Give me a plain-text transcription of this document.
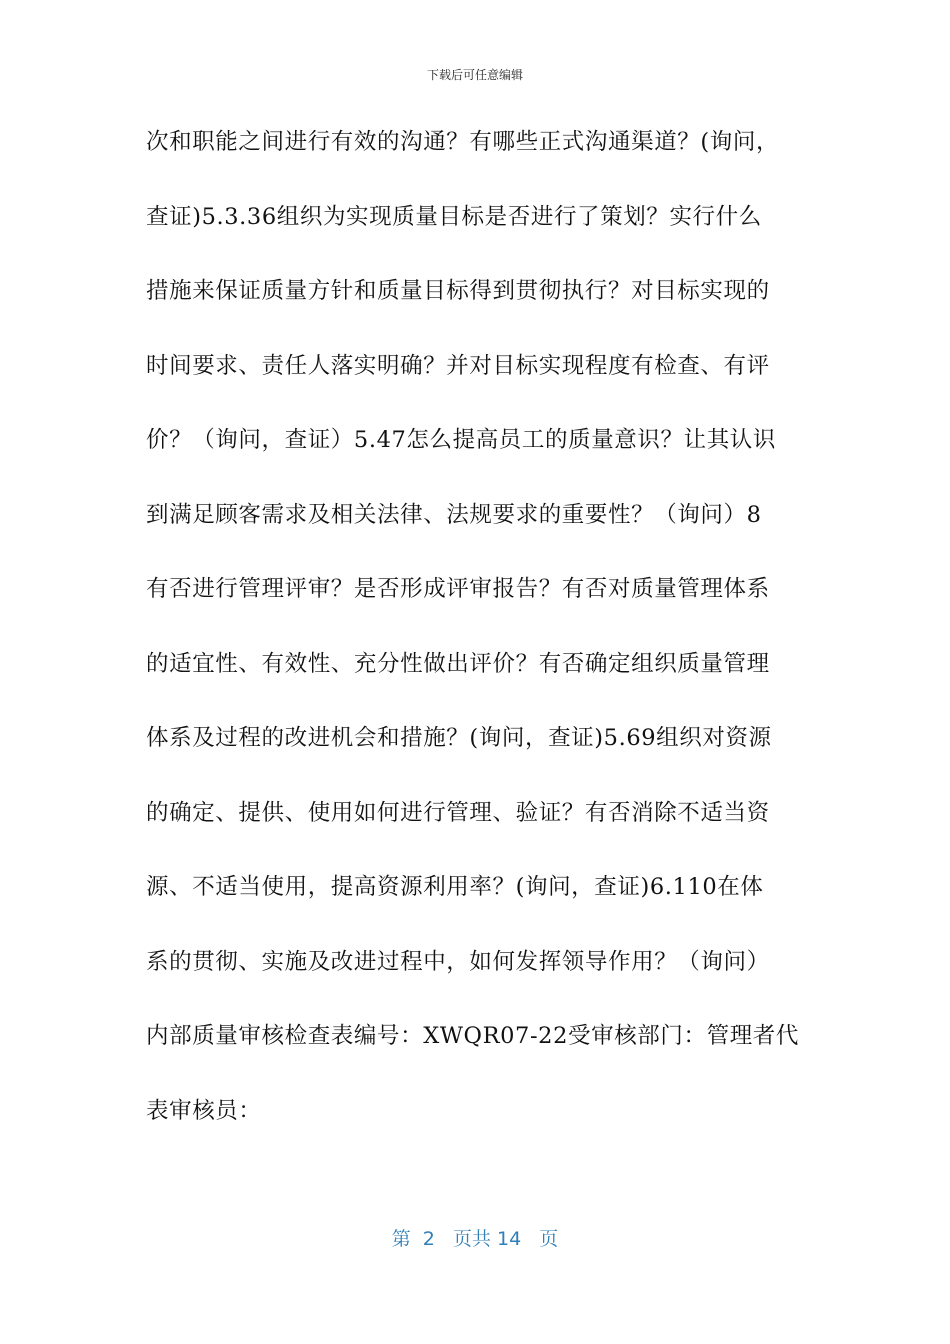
下载后可任意编辑
次和职能之间进行有效的沟通？有哪些正式沟通渠道？(询问，
查证)5.3.36组织为实现质量目标是否进行了策划？实行什么
措施来保证质量方针和质量目标得到贯彻执行？对目标实现的
时间要求、责任人落实明确？并对目标实现程度有检查、有评
价？（询问，查证）5.47怎么提高员工的质量意识？让其认识
到满足顾客需求及相关法律、法规要求的重要性？（询问）8
有否进行管理评审？是否形成评审报告？有否对质量管理体系
的适宜性、有效性、充分性做出评价？有否确定组织质量管理
体系及过程的改进机会和措施？(询问，查证)5.69组织对资源
的确定、提供、使用如何进行管理、验证？有否消除不适当资
源、不适当使用，提高资源利用率？(询问，查证)6.110在体
系的贯彻、实施及改进过程中，如何发挥领导作用？（询问）
内部质量审核检查表编号：XWQR07-22受审核部门：管理者代
表审核员：
第  2   页共 14   页
